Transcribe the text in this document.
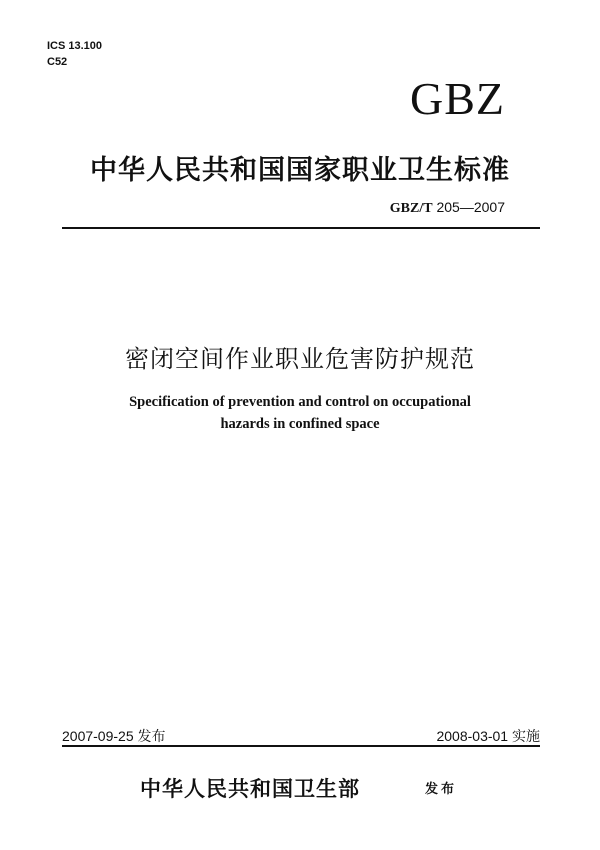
ICS 13.100
C52
GBZ
中华人民共和国国家职业卫生标准
GBZ/T 205—2007
密闭空间作业职业危害防护规范
Specification of prevention and control on occupational
hazards in confined space
2007-09-25 发布	2008-03-01 实施
中华人民共和国卫生部	发布
